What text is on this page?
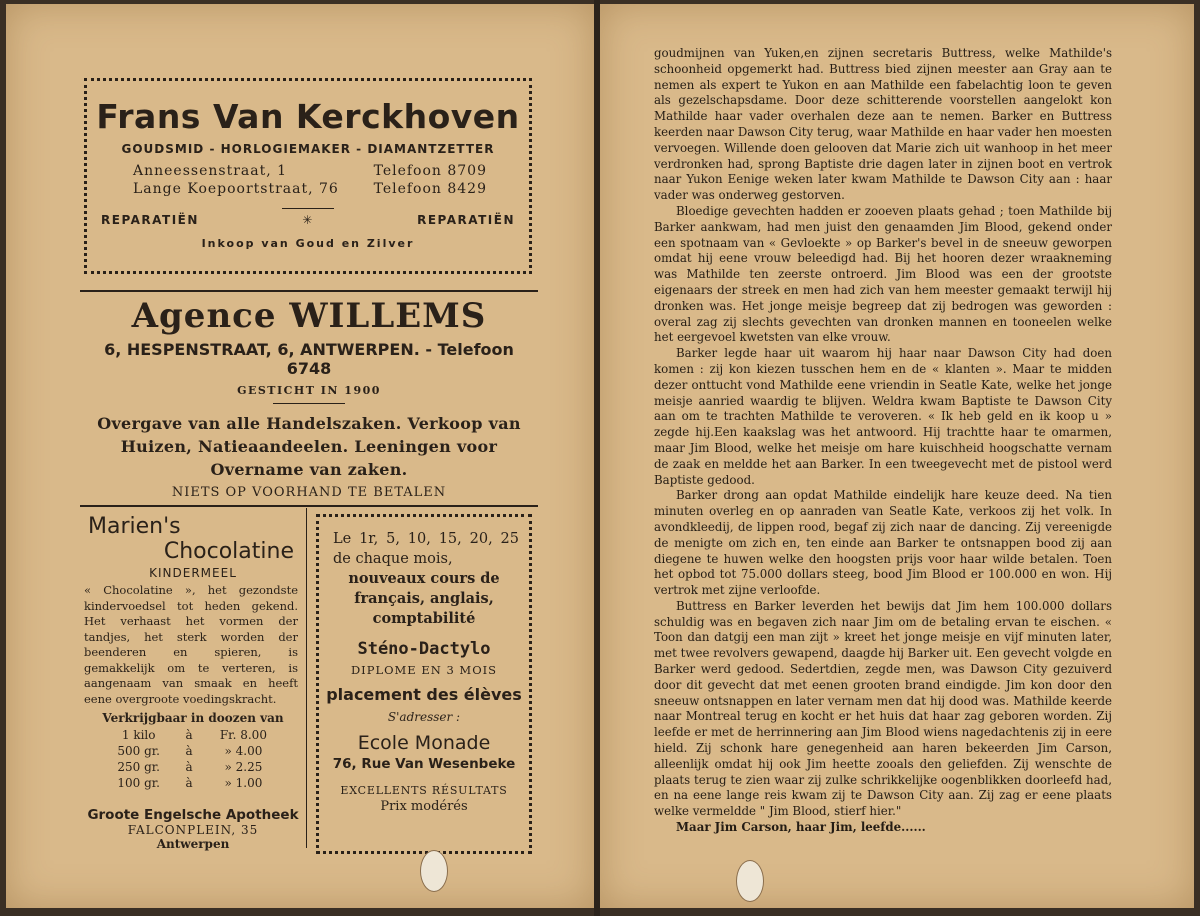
Frans Van Kerckhoven
GOUDSMID - HORLOGIEMAKER - DIAMANTZETTER
Anneessenstraat, 1	Telefoon 8709
Lange Koepoortstraat, 76 Telefoon 8429
REPARATIËN	✳	REPARATIËN
Inkoop van Goud en Zilver
Agence WILLEMS
6, HESPENSTRAAT, 6, ANTWERPEN. - Telefoon 6748
GESTICHT IN 1900
Overgave van alle Handelszaken. Verkoop van Huizen, Natieaandeelen. Leeningen voor Overname van zaken.
NIETS OP VOORHAND TE BETALEN
Marien's
Chocolatine
KINDERMEEL
« Chocolatine », het gezondste kindervoedsel tot heden gekend. Het verhaast het vormen der tandjes, het sterk worden der beenderen en spieren, is gemakkelijk om te verteren, is aangenaam van smaak en heeft eene overgroote voedingskracht.
Verkrijgbaar in doozen van
1 kilo	à	Fr. 8.00
500 gr.	à	» 4.00
250 gr.	à	» 2.25
100 gr.	à	» 1.00
Groote Engelsche Apotheek
FALCONPLEIN, 35
Antwerpen
Le 1r, 5, 10, 15, 20, 25 de chaque mois,
nouveaux cours de
français, anglais,
comptabilité
Sténo-Dactylo
DIPLOME EN 3 MOIS
placement des élèves
S'adresser :
Ecole Monade
76, Rue Van Wesenbeke
EXCELLENTS RÉSULTATS
Prix modérés

goudmijnen van Yuken,en zijnen secretaris Buttress, welke Mathilde's schoonheid opgemerkt had. Buttress bied zijnen meester aan Gray aan te nemen als expert te Yukon en aan Mathilde een fabelachtig loon te geven als gezelschapsdame. Door deze schitterende voorstellen aangelokt kon Mathilde haar vader overhalen deze aan te nemen. Barker en Buttress keerden naar Dawson City terug, waar Mathilde en haar vader hen moesten vervoegen. Willende doen gelooven dat Marie zich uit wanhoop in het meer verdronken had, sprong Baptiste drie dagen later in zijnen boot en vertrok naar Yukon Eenige weken later kwam Mathilde te Dawson City aan : haar vader was onderweg gestorven.

Bloedige gevechten hadden er zooeven plaats gehad ; toen Mathilde bij Barker aankwam, had men juist den genaamden Jim Blood, gekend onder een spotnaam van « Gevloekte » op Barker's bevel in de sneeuw geworpen omdat hij eene vrouw beleedigd had. Bij het hooren dezer wraakneming was Mathilde ten zeerste ontroerd. Jim Blood was een der grootste eigenaars der streek en men had zich van hem meester gemaakt terwijl hij dronken was. Het jonge meisje begreep dat zij bedrogen was geworden : overal zag zij slechts gevechten van dronken mannen en tooneelen welke het eergevoel kwetsten van elke vrouw.

Barker legde haar uit waarom hij haar naar Dawson City had doen komen : zij kon kiezen tusschen hem en de « klanten ». Maar te midden dezer onttucht vond Mathilde eene vriendin in Seatle Kate, welke het jonge meisje aanried waardig te blijven. Weldra kwam Baptiste te Dawson City aan om te trachten Mathilde te veroveren. « Ik heb geld en ik koop u » zegde hij.Een kaakslag was het antwoord. Hij trachtte haar te omarmen, maar Jim Blood, welke het meisje om hare kuischheid hoogschatte vernam de zaak en meldde het aan Barker. In een tweegevecht met de pistool werd Baptiste gedood.

Barker drong aan opdat Mathilde eindelijk hare keuze deed. Na tien minuten overleg en op aanraden van Seatle Kate, verkoos zij het volk. In avondkleedij, de lippen rood, begaf zij zich naar de dancing. Zij vereenigde de menigte om zich en, ten einde aan Barker te ontsnappen bood zij aan diegene te huwen welke den hoogsten prijs voor haar wilde betalen. Toen het opbod tot 75.000 dollars steeg, bood Jim Blood er 100.000 en won. Hij vertrok met zijne verloofde.

Buttress en Barker leverden het bewijs dat Jim hem 100.000 dollars schuldig was en begaven zich naar Jim om de betaling ervan te eischen. « Toon dan datgij een man zijt » kreet het jonge meisje en vijf minuten later, met twee revolvers gewapend, daagde hij Barker uit. Een gevecht volgde en Barker werd gedood. Sedertdien, zegde men, was Dawson City gezuiverd door dit gevecht dat met eenen grooten brand eindigde. Jim kon door den sneeuw ontsnappen en later vernam men dat hij dood was. Mathilde keerde naar Montreal terug en kocht er het huis dat haar zag geboren worden. Zij leefde er met de herrinnering aan Jim Blood wiens nagedachtenis zij in eere hield. Zij schonk hare genegenheid aan haren bekeerden Jim Carson, alleenlijk omdat hij ook Jim heette zooals den geliefden. Zij wenschte de plaats terug te zien waar zij zulke schrikkelijke oogenblikken doorleefd had, en na eene lange reis kwam zij te Dawson City aan. Zij zag er eene plaats welke vermeldde " Jim Blood, stierf hier."

Maar Jim Carson, haar Jim, leefde......
